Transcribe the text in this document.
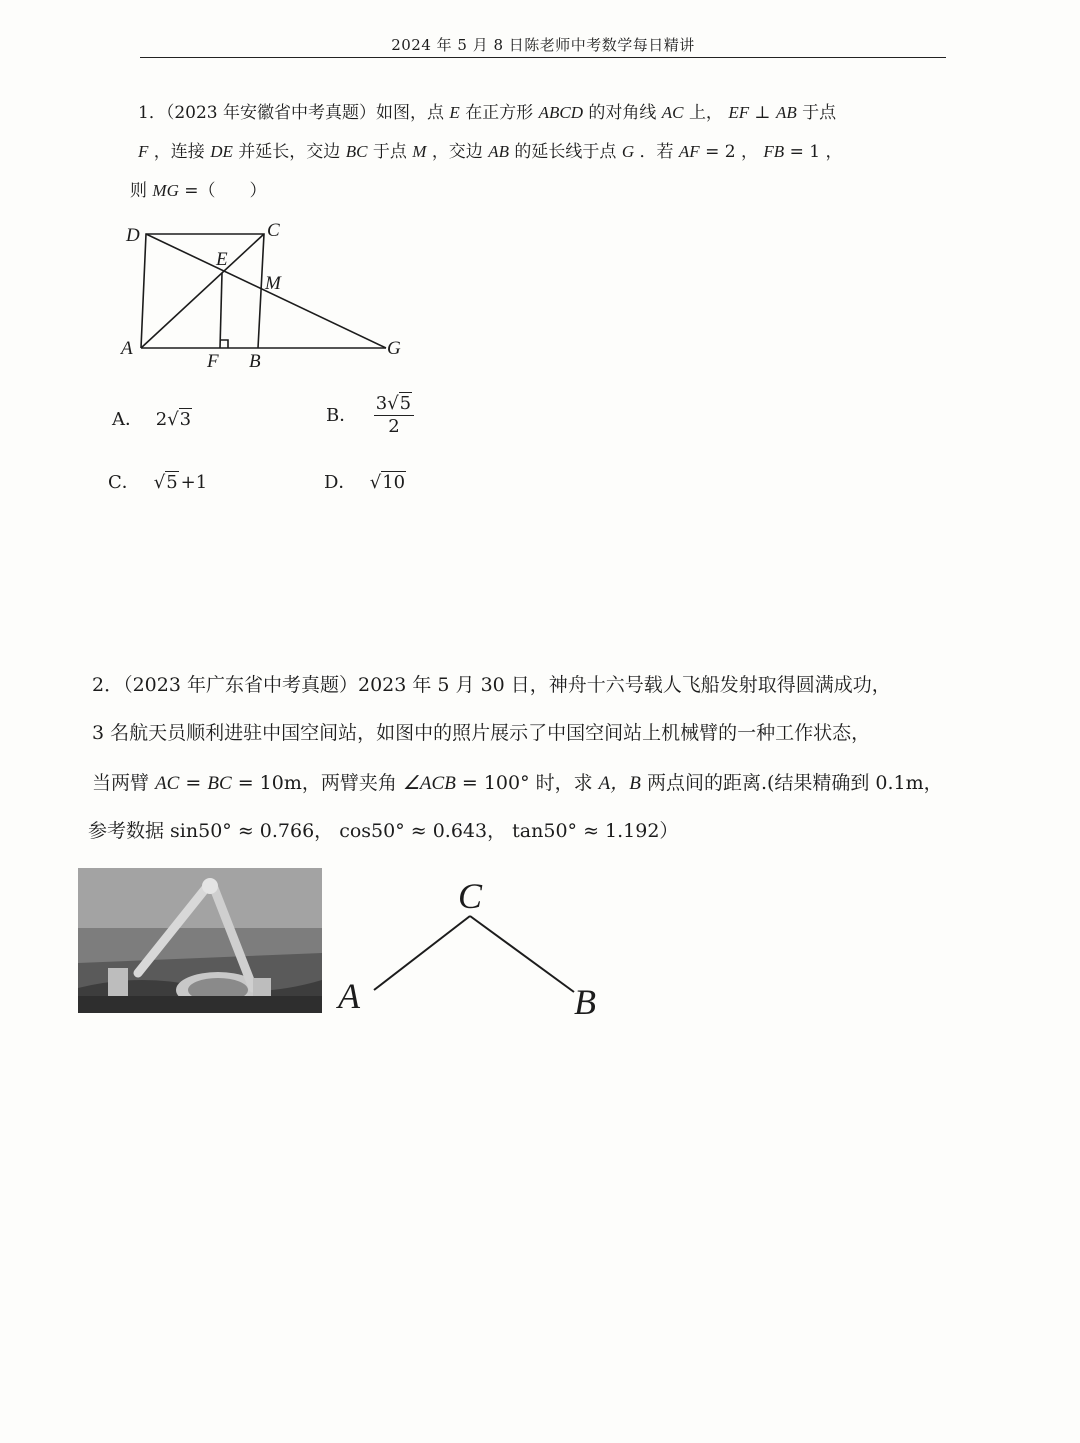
2024 年 5 月 8 日陈老师中考数学每日精讲
1．（2023 年安徽省中考真题）如图，点 E 在正方形 ABCD 的对角线 AC 上， EF ⊥ AB 于点
F ，连接 DE 并延长，交边 BC 于点 M ，交边 AB 的延长线于点 G ．若 AF = 2 ， FB = 1 ，
则 MG =（　　）
D	C
E
M
A
F B
G
A． 2√3	B． $\frac{3√5}{2}$
C． √5 +1	D． √10
2．（2023 年广东省中考真题）2023 年 5 月 30 日，神舟十六号载人飞船发射取得圆满成功，
3 名航天员顺利进驻中国空间站，如图中的照片展示了中国空间站上机械臂的一种工作状态，
当两臂 AC = BC = 10m，两臂夹角 ∠ACB = 100° 时，求 A，B 两点间的距离.(结果精确到 0.1m，
参考数据 sin50° ≈ 0.766， cos50° ≈ 0.643， tan50° ≈ 1.192）
C
A	B
